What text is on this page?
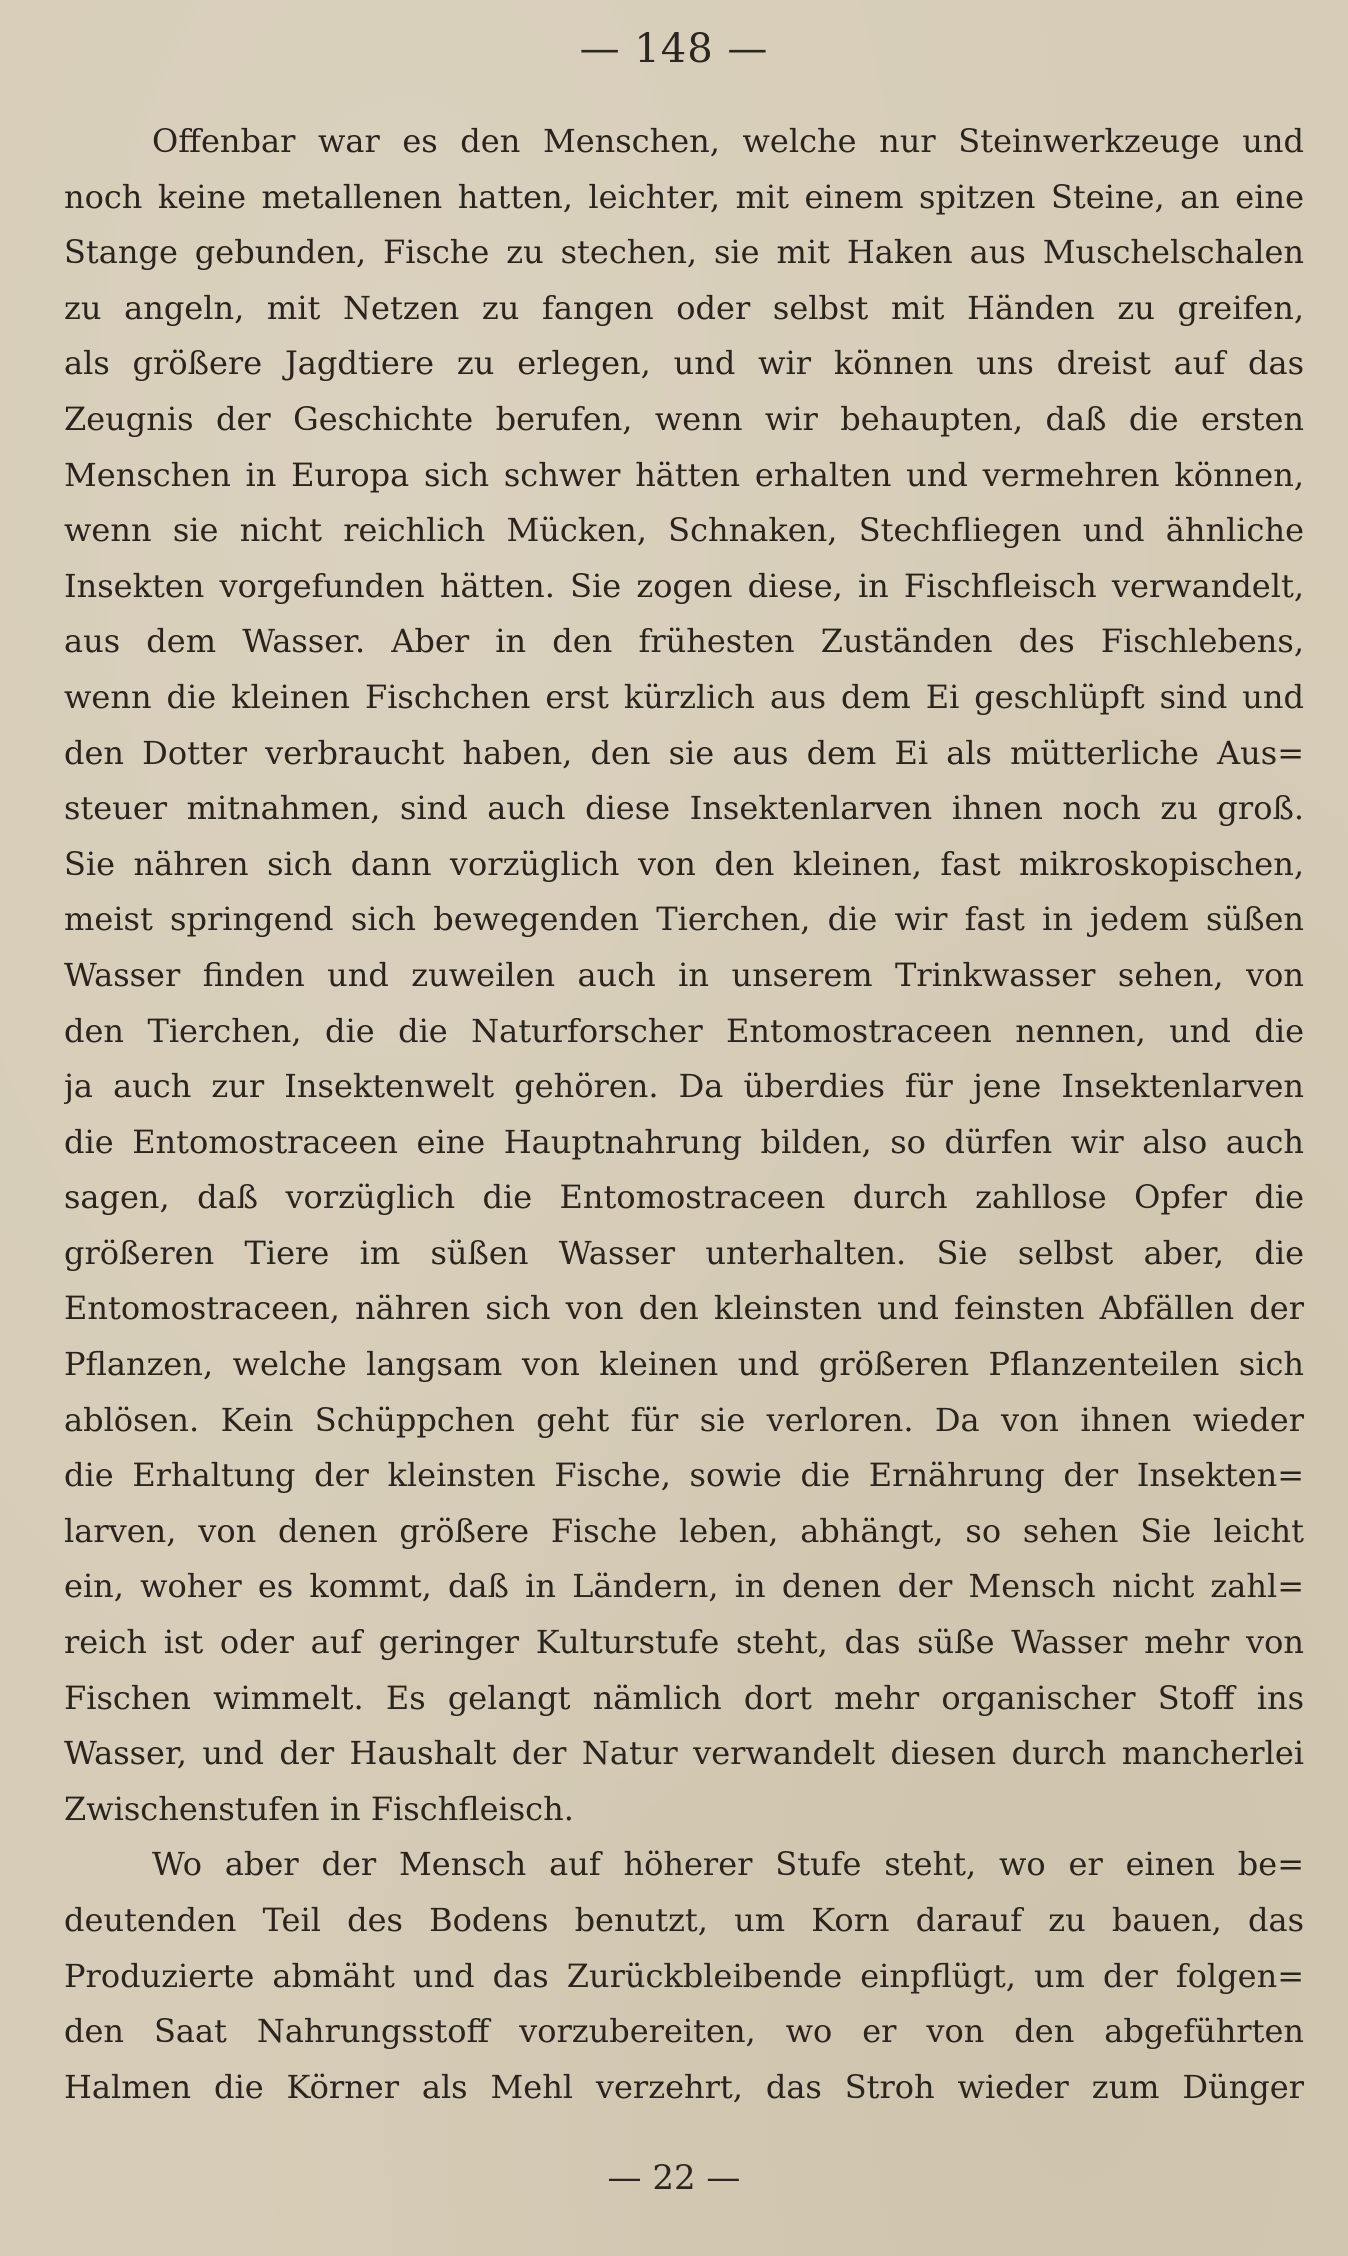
— 148 —
Offenbar war es den Menschen, welche nur Steinwerkzeuge und
noch keine metallenen hatten, leichter, mit einem spitzen Steine, an eine
Stange gebunden, Fische zu stechen, sie mit Haken aus Muschelschalen
zu angeln, mit Netzen zu fangen oder selbst mit Händen zu greifen,
als größere Jagdtiere zu erlegen, und wir können uns dreist auf das
Zeugnis der Geschichte berufen, wenn wir behaupten, daß die ersten
Menschen in Europa sich schwer hätten erhalten und vermehren können,
wenn sie nicht reichlich Mücken, Schnaken, Stechfliegen und ähnliche
Insekten vorgefunden hätten. Sie zogen diese, in Fischfleisch verwandelt,
aus dem Wasser. Aber in den frühesten Zuständen des Fischlebens,
wenn die kleinen Fischchen erst kürzlich aus dem Ei geschlüpft sind und
den Dotter verbraucht haben, den sie aus dem Ei als mütterliche Aus=
steuer mitnahmen, sind auch diese Insektenlarven ihnen noch zu groß.
Sie nähren sich dann vorzüglich von den kleinen, fast mikroskopischen,
meist springend sich bewegenden Tierchen, die wir fast in jedem süßen
Wasser finden und zuweilen auch in unserem Trinkwasser sehen, von
den Tierchen, die die Naturforscher Entomostraceen nennen, und die
ja auch zur Insektenwelt gehören. Da überdies für jene Insektenlarven
die Entomostraceen eine Hauptnahrung bilden, so dürfen wir also auch
sagen, daß vorzüglich die Entomostraceen durch zahllose Opfer die
größeren Tiere im süßen Wasser unterhalten. Sie selbst aber, die
Entomostraceen, nähren sich von den kleinsten und feinsten Abfällen der
Pflanzen, welche langsam von kleinen und größeren Pflanzenteilen sich
ablösen. Kein Schüppchen geht für sie verloren. Da von ihnen wieder
die Erhaltung der kleinsten Fische, sowie die Ernährung der Insekten=
larven, von denen größere Fische leben, abhängt, so sehen Sie leicht
ein, woher es kommt, daß in Ländern, in denen der Mensch nicht zahl=
reich ist oder auf geringer Kulturstufe steht, das süße Wasser mehr von
Fischen wimmelt. Es gelangt nämlich dort mehr organischer Stoff ins
Wasser, und der Haushalt der Natur verwandelt diesen durch mancherlei
Zwischenstufen in Fischfleisch.
Wo aber der Mensch auf höherer Stufe steht, wo er einen be=
deutenden Teil des Bodens benutzt, um Korn darauf zu bauen, das
Produzierte abmäht und das Zurückbleibende einpflügt, um der folgen=
den Saat Nahrungsstoff vorzubereiten, wo er von den abgeführten
Halmen die Körner als Mehl verzehrt, das Stroh wieder zum Dünger
— 22 —
